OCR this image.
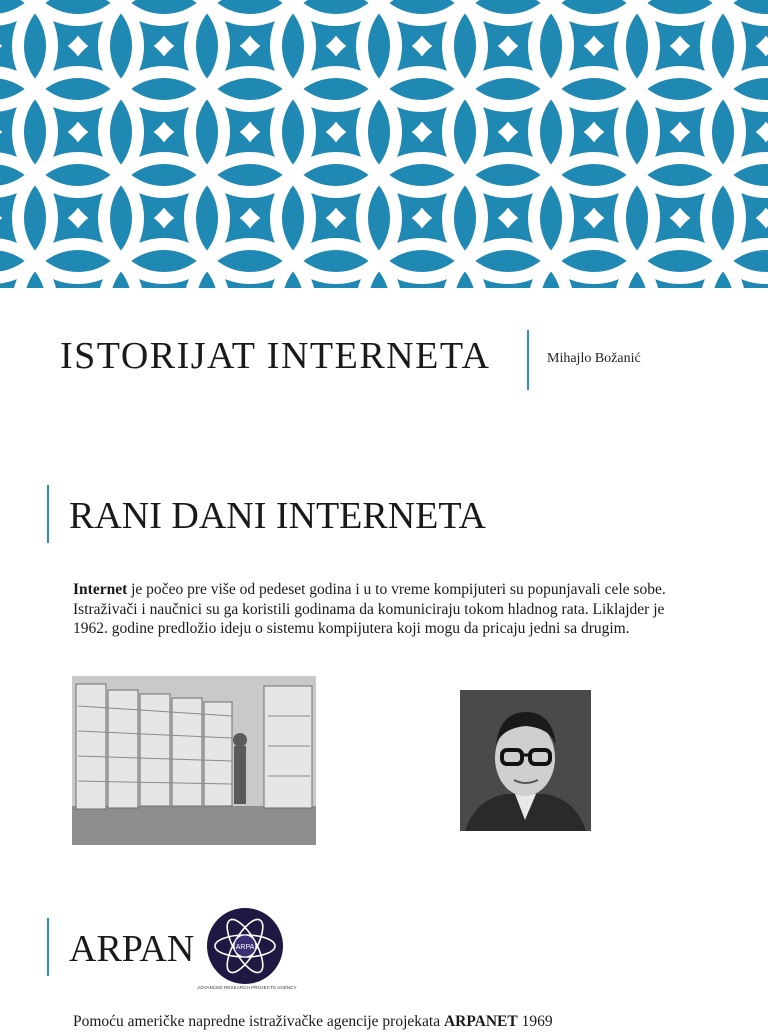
ISTORIJAT INTERNETA	Mihajlo Božanić
RANI DANI INTERNETA
Internet je počeo pre više od pedeset godina i u to vreme kompijuteri su popunjavali cele sobe. Istraživači i naučnici su ga koristili godinama da komuniciraju tokom hladnog rata. Liklajder je 1962. godine predložio ideju o sistemu kompijutera koji mogu da pricaju jedni sa drugim.
ARPAN	ARPA
ADVANCED RESEARCH PROJECTS AGENCY
Pomoću američke napredne istraživačke agencije projekata ARPANET 1969
